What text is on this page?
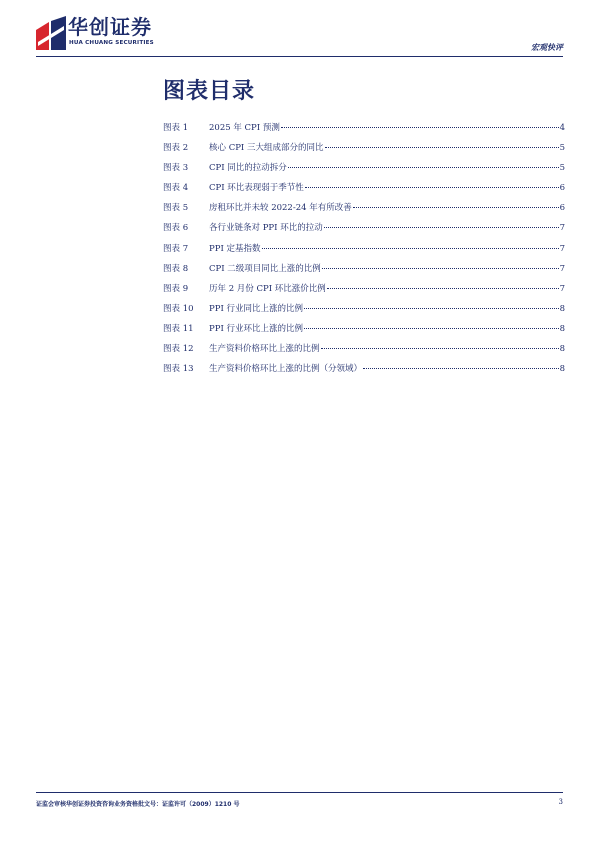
华创证券
HUA CHUANG SECURITIES	宏观快评
图表目录
图表 1	2025 年 CPI 预测	4
图表 2	核心 CPI 三大组成部分的同比	5
图表 3	CPI 同比的拉动拆分	5
图表 4	CPI 环比表现弱于季节性	6
图表 5	房租环比并未较 2022-24 年有所改善	6
图表 6	各行业链条对 PPI 环比的拉动	7
图表 7	PPI 定基指数	7
图表 8	CPI 二级项目同比上涨的比例	7
图表 9	历年 2 月份 CPI 环比涨价比例	7
图表 10	PPI 行业同比上涨的比例	8
图表 11	PPI 行业环比上涨的比例	8
图表 12	生产资料价格环比上涨的比例	8
图表 13	生产资料价格环比上涨的比例（分领域）	8
证监会审核华创证券投资咨询业务资格批文号：证监许可（2009）1210 号	3
